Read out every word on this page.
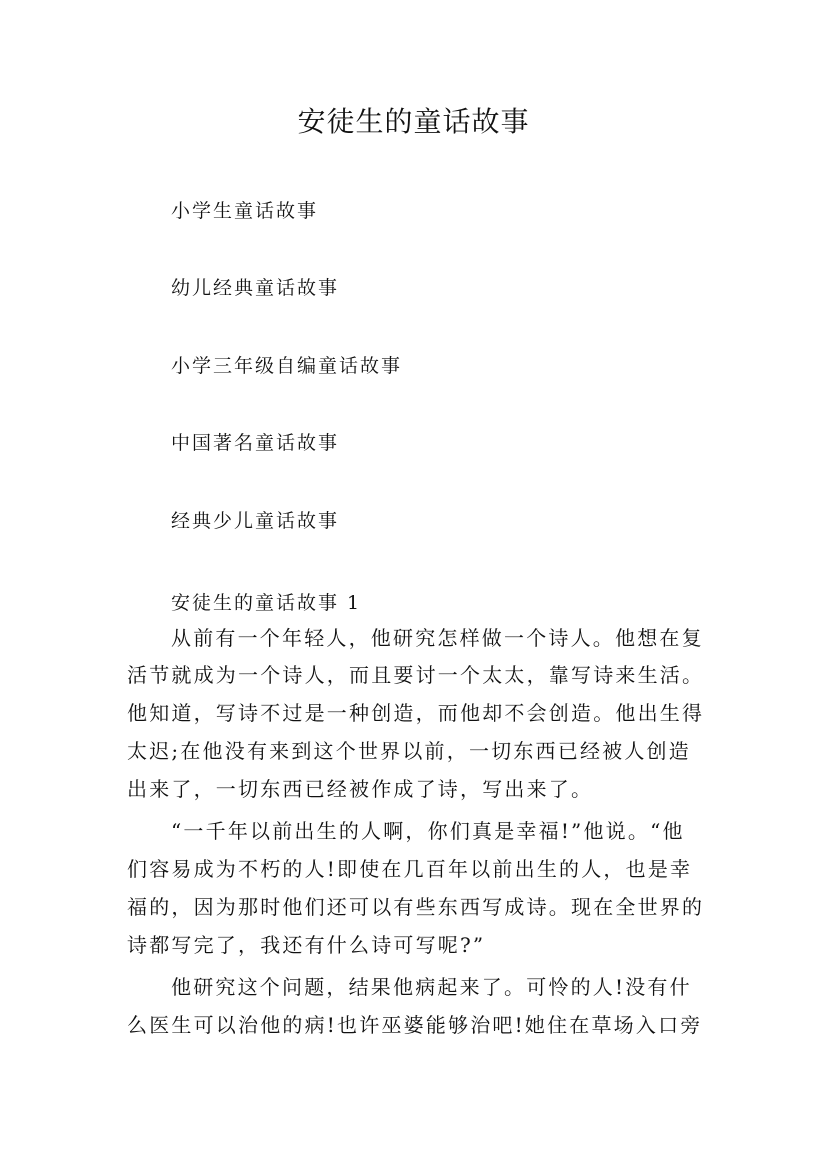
安徒生的童话故事
小学生童话故事
幼儿经典童话故事
小学三年级自编童话故事
中国著名童话故事
经典少儿童话故事
安徒生的童话故事 1
从前有一个年轻人，他研究怎样做一个诗人。他想在复
活节就成为一个诗人，而且要讨一个太太，靠写诗来生活。
他知道，写诗不过是一种创造，而他却不会创造。他出生得
太迟;在他没有来到这个世界以前，一切东西已经被人创造
出来了，一切东西已经被作成了诗，写出来了。
“一千年以前出生的人啊，你们真是幸福!”他说。“他
们容易成为不朽的人!即使在几百年以前出生的人，也是幸
福的，因为那时他们还可以有些东西写成诗。现在全世界的
诗都写完了，我还有什么诗可写呢?”
他研究这个问题，结果他病起来了。可怜的人!没有什
么医生可以治他的病!也许巫婆能够治吧!她住在草场入口旁
